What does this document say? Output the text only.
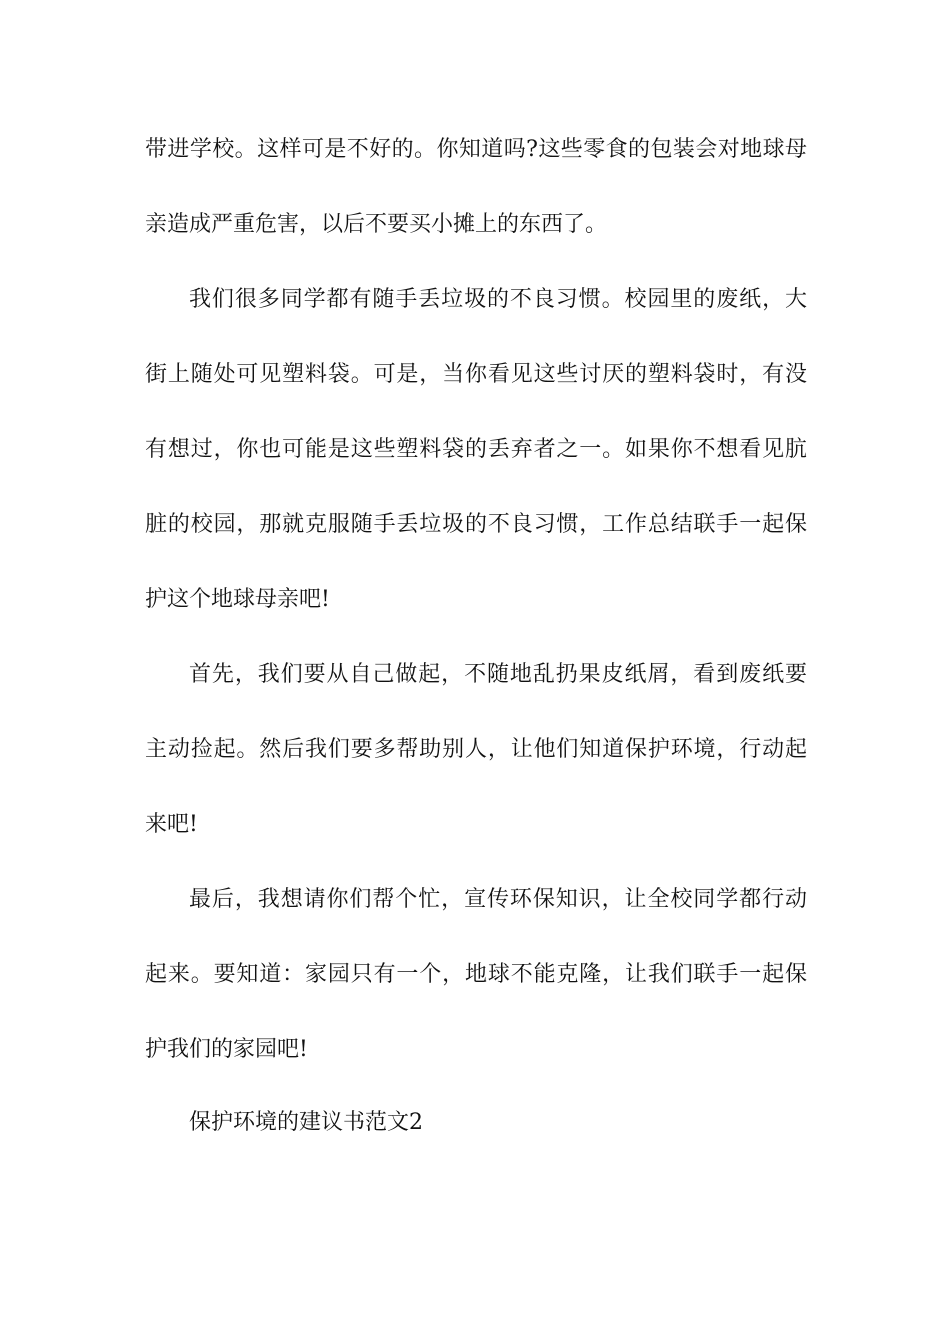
带进学校。这样可是不好的。你知道吗?这些零食的包装会对地球母
亲造成严重危害，以后不要买小摊上的东西了。
我们很多同学都有随手丢垃圾的不良习惯。校园里的废纸，大
街上随处可见塑料袋。可是，当你看见这些讨厌的塑料袋时，有没
有想过，你也可能是这些塑料袋的丢弃者之一。如果你不想看见肮
脏的校园，那就克服随手丢垃圾的不良习惯，工作总结联手一起保
护这个地球母亲吧!
首先，我们要从自己做起，不随地乱扔果皮纸屑，看到废纸要
主动捡起。然后我们要多帮助别人，让他们知道保护环境，行动起
来吧!
最后，我想请你们帮个忙，宣传环保知识，让全校同学都行动
起来。要知道：家园只有一个，地球不能克隆，让我们联手一起保
护我们的家园吧!
保护环境的建议书范文2
